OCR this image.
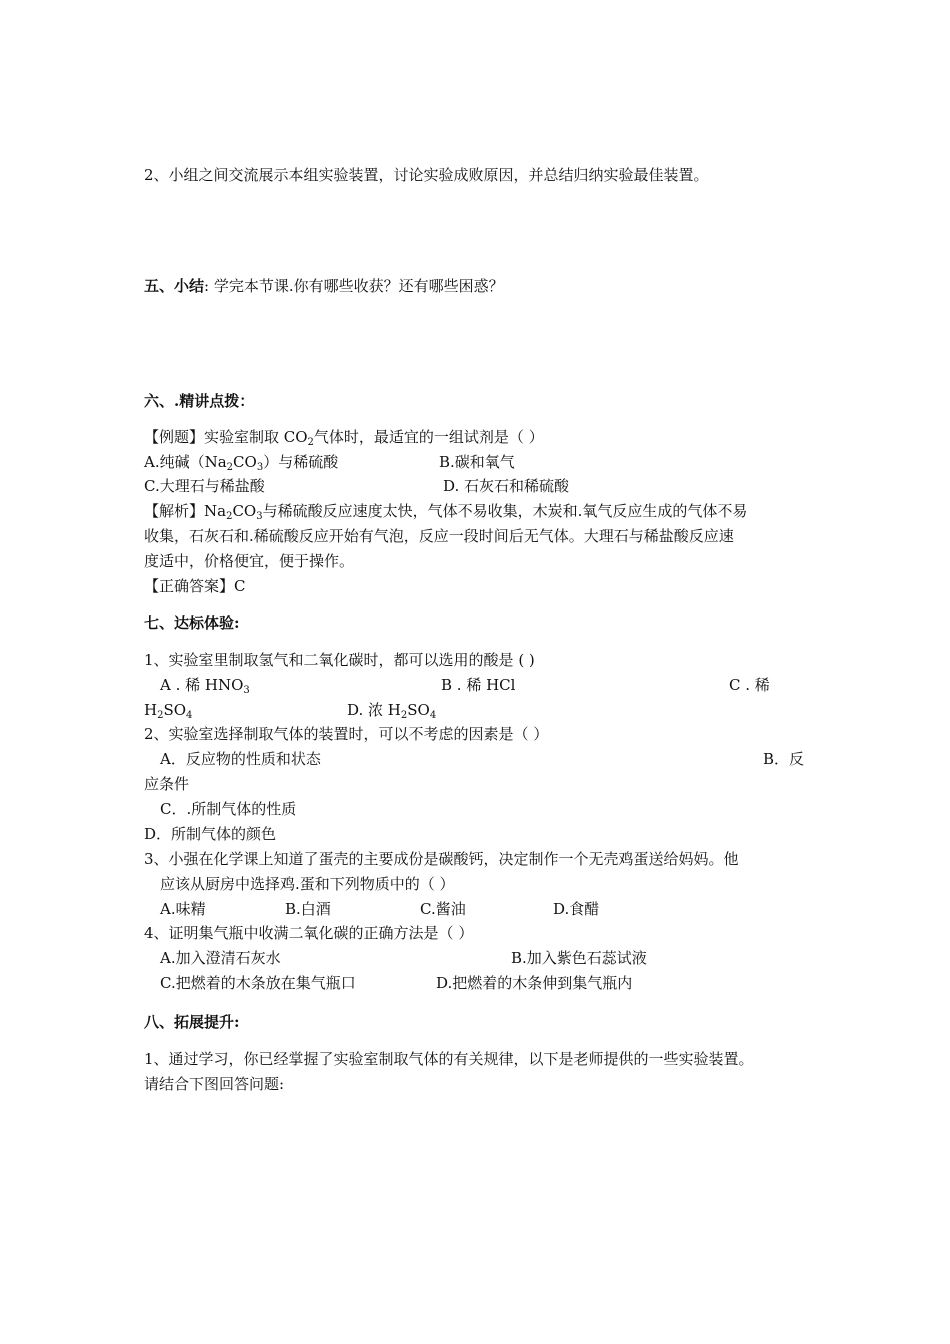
2、小组之间交流展示本组实验装置，讨论实验成败原因，并总结归纳实验最佳装置。
五、小结: 学完本节课.你有哪些收获？还有哪些困惑？
六、.精讲点拨：
【例题】实验室制取 $CO_2$气体时，最适宜的一组试剂是（ ）
A.纯碱$(Na_2CO_3)$与稀硫酸	B.碳和氧气
C.大理石与稀盐酸	D. 石灰石和稀硫酸
【解析】$Na_2CO_3$与稀硫酸反应速度太快，气体不易收集，木炭和.氧气反应生成的气体不易
收集，石灰石和.稀硫酸反应开始有气泡，反应一段时间后无气体。大理石与稀盐酸反应速
度适中，价格便宜，便于操作。
【正确答案】C
七、达标体验:
1、实验室里制取氢气和二氧化碳时，都可以选用的酸是 ( )
A . 稀 $HNO_3$	B . 稀 HCl	C . 稀
$H_2SO_4$	D. 浓 $H_2SO_4$
2、实验室选择制取气体的装置时，可以不考虑的因素是（ ）
A．反应物的性质和状态	B．反
应条件
C．.所制气体的性质
D．所制气体的颜色
3、小强在化学课上知道了蛋壳的主要成份是碳酸钙，决定制作一个无壳鸡蛋送给妈妈。他
应该从厨房中选择鸡.蛋和下列物质中的（ ）
A.味精	B.白酒	C.酱油	D.食醋
4、证明集气瓶中收满二氧化碳的正确方法是（ ）
A.加入澄清石灰水	B.加入紫色石蕊试液
C.把燃着的木条放在集气瓶口	D.把燃着的木条伸到集气瓶内
八、拓展提升:
1、通过学习，你已经掌握了实验室制取气体的有关规律，以下是老师提供的一些实验装置。
请结合下图回答问题:
